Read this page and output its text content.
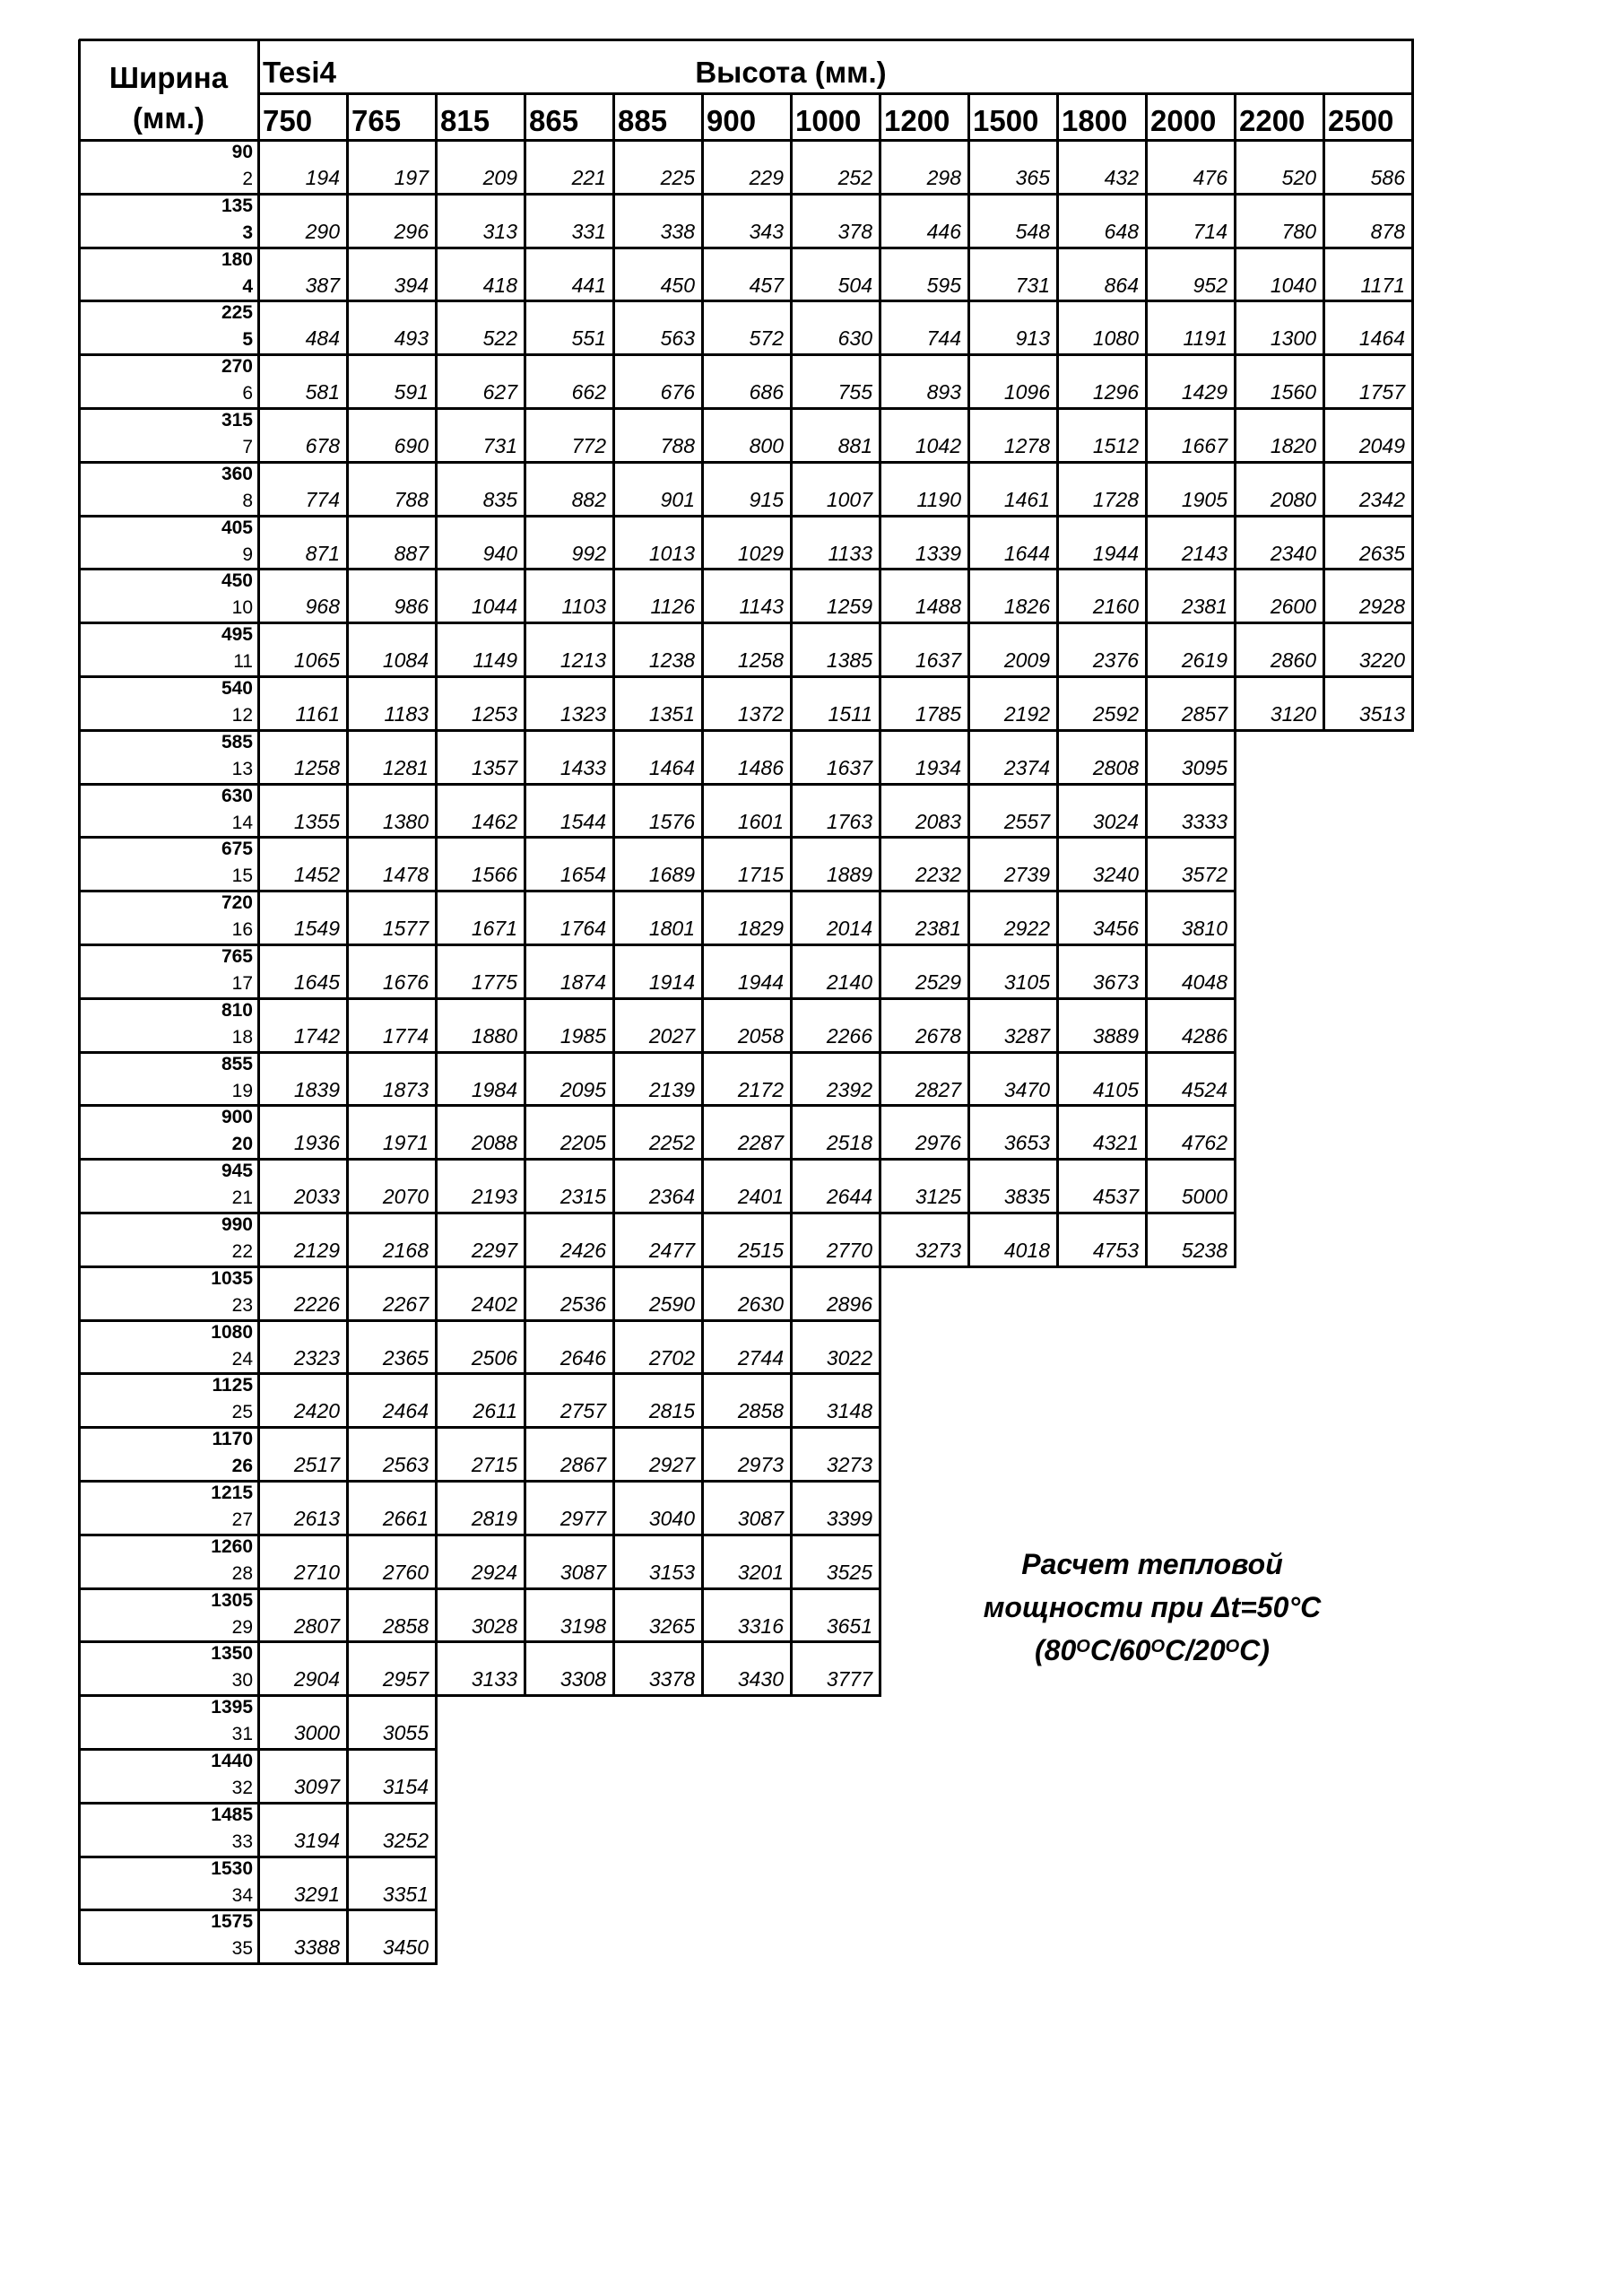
Ширина
(мм.)
Tesi4	Высота (мм.)
750 765 815 865 885 900 1000 1200 1500 1800 2000 2200 2500
90
2	194	197	209	221	225	229	252	298	365	432	476	520	586
135
3	290	296	313	331	338	343	378	446	548	648	714	780	878
180
4	387	394	418	441	450	457	504	595	731	864	952	1040	1171
225
5	484	493	522	551	563	572	630	744	913	1080	1191	1300	1464
270
6	581	591	627	662	676	686	755	893	1096	1296	1429	1560	1757
315
7	678	690	731	772	788	800	881	1042	1278	1512	1667	1820	2049
360
8	774	788	835	882	901	915	1007	1190	1461	1728	1905	2080	2342
405
9	871	887	940	992	1013	1029	1133	1339	1644	1944	2143	2340	2635
450
10	968	986	1044	1103	1126	1143	1259	1488	1826	2160	2381	2600	2928
495
11	1065	1084	1149	1213	1238	1258	1385	1637	2009	2376	2619	2860	3220
540
12	1161	1183	1253	1323	1351	1372	1511	1785	2192	2592	2857	3120	3513
585
13	1258	1281	1357	1433	1464	1486	1637	1934	2374	2808	3095
630
14	1355	1380	1462	1544	1576	1601	1763	2083	2557	3024	3333
675
15	1452	1478	1566	1654	1689	1715	1889	2232	2739	3240	3572
720
16	1549	1577	1671	1764	1801	1829	2014	2381	2922	3456	3810
765
17	1645	1676	1775	1874	1914	1944	2140	2529	3105	3673	4048
810
18	1742	1774	1880	1985	2027	2058	2266	2678	3287	3889	4286
855
19	1839	1873	1984	2095	2139	2172	2392	2827	3470	4105	4524
900
20	1936	1971	2088	2205	2252	2287	2518	2976	3653	4321	4762
945
21	2033	2070	2193	2315	2364	2401	2644	3125	3835	4537	5000
990
22	2129	2168	2297	2426	2477	2515	2770	3273	4018	4753	5238
1035
23	2226	2267	2402	2536	2590	2630	2896
1080
24	2323	2365	2506	2646	2702	2744	3022
1125
25	2420	2464	2611	2757	2815	2858	3148
1170
26	2517	2563	2715	2867	2927	2973	3273
1215
27	2613	2661	2819	2977	3040	3087	3399
1260
28	2710	2760	2924	3087	3153	3201	3525
1305
29	2807	2858	3028	3198	3265	3316	3651
1350
30	2904	2957	3133	3308	3378	3430	3777
1395
31	3000	3055
1440
32	3097	3154
1485
33	3194	3252
1530
34	3291	3351
1575
35	3388	3450
Расчет тепловой
мощности при Δt=50°C
$(80^OC/60^OC/20^OC)$
